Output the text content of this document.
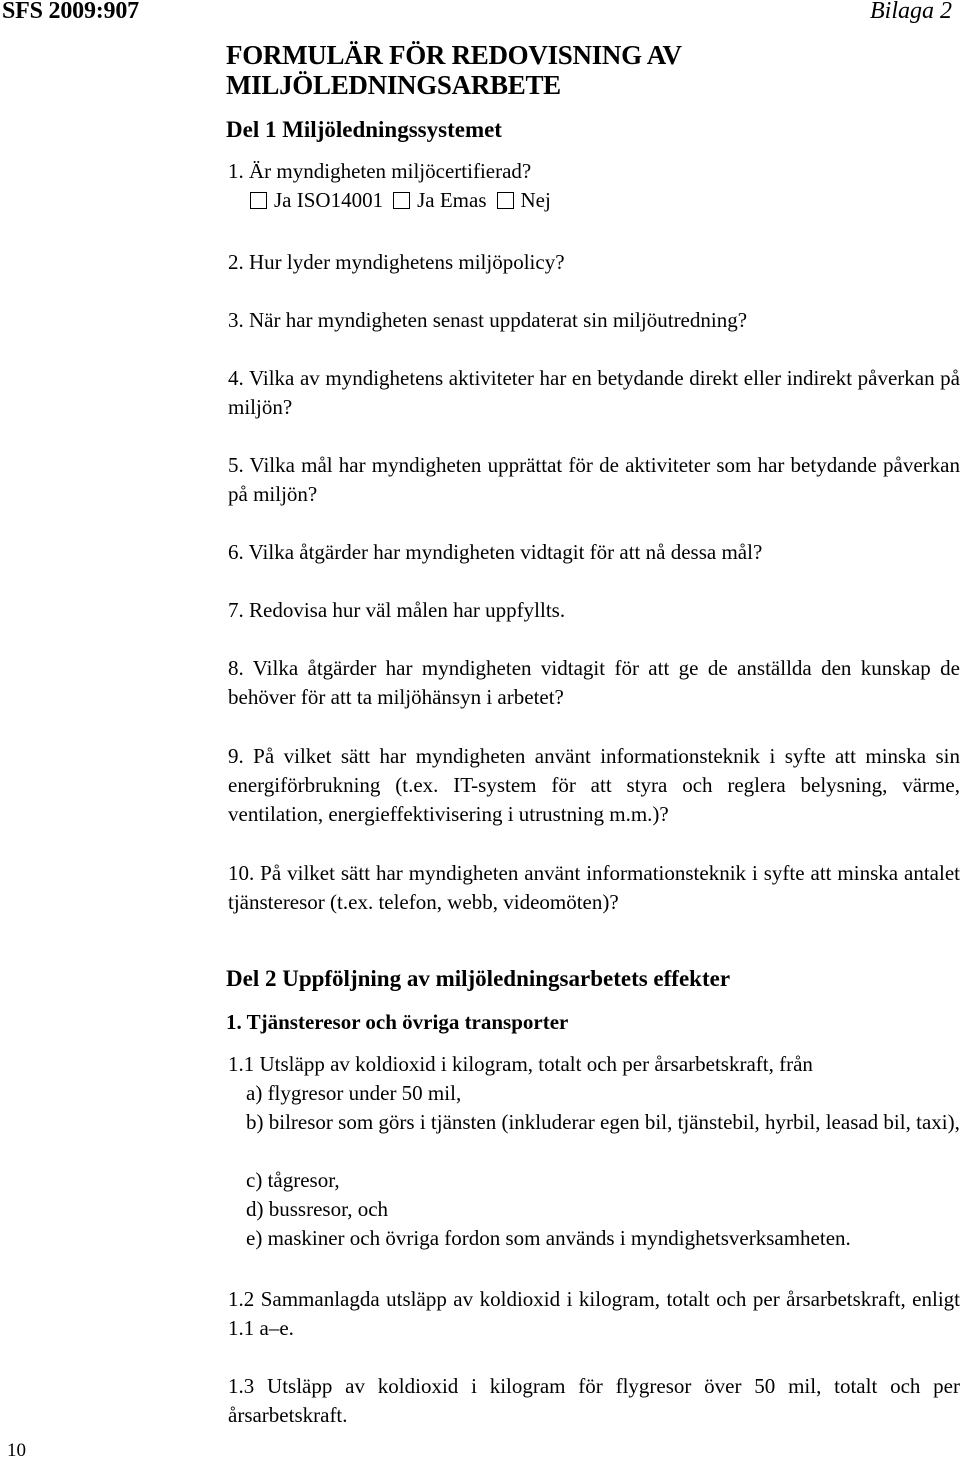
SFS 2009:907	Bilaga 2
10
FORMULÄR FÖR REDOVISNING AV MILJÖLEDNINGSARBETE
Del 1 Miljöledningssystemet
1. Är myndigheten miljöcertifierad?
Ja ISO14001 Ja Emas Nej
2. Hur lyder myndighetens miljöpolicy?
3. När har myndigheten senast uppdaterat sin miljöutredning?
4. Vilka av myndighetens aktiviteter har en betydande direkt eller indirekt påverkan på miljön?
5. Vilka mål har myndigheten upprättat för de aktiviteter som har betydande påverkan på miljön?
6. Vilka åtgärder har myndigheten vidtagit för att nå dessa mål?
7. Redovisa hur väl målen har uppfyllts.
8. Vilka åtgärder har myndigheten vidtagit för att ge de anställda den kunskap de behöver för att ta miljöhänsyn i arbetet?
9. På vilket sätt har myndigheten använt informationsteknik i syfte att minska sin energiförbrukning (t.ex. IT-system för att styra och reglera belysning, värme, ventilation, energieffektivisering i utrustning m.m.)?
10. På vilket sätt har myndigheten använt informationsteknik i syfte att minska antalet tjänsteresor (t.ex. telefon, webb, videomöten)?
Del 2 Uppföljning av miljöledningsarbetets effekter
1. Tjänsteresor och övriga transporter
1.1 Utsläpp av koldioxid i kilogram, totalt och per årsarbetskraft, från
a) flygresor under 50 mil,
b) bilresor som görs i tjänsten (inkluderar egen bil, tjänstebil, hyrbil, leasad bil, taxi),
c) tågresor,
d) bussresor, och
e) maskiner och övriga fordon som används i myndighetsverksamheten.
1.2 Sammanlagda utsläpp av koldioxid i kilogram, totalt och per årsarbetskraft, enligt 1.1 a–e.
1.3 Utsläpp av koldioxid i kilogram för flygresor över 50 mil, totalt och per årsarbetskraft.
